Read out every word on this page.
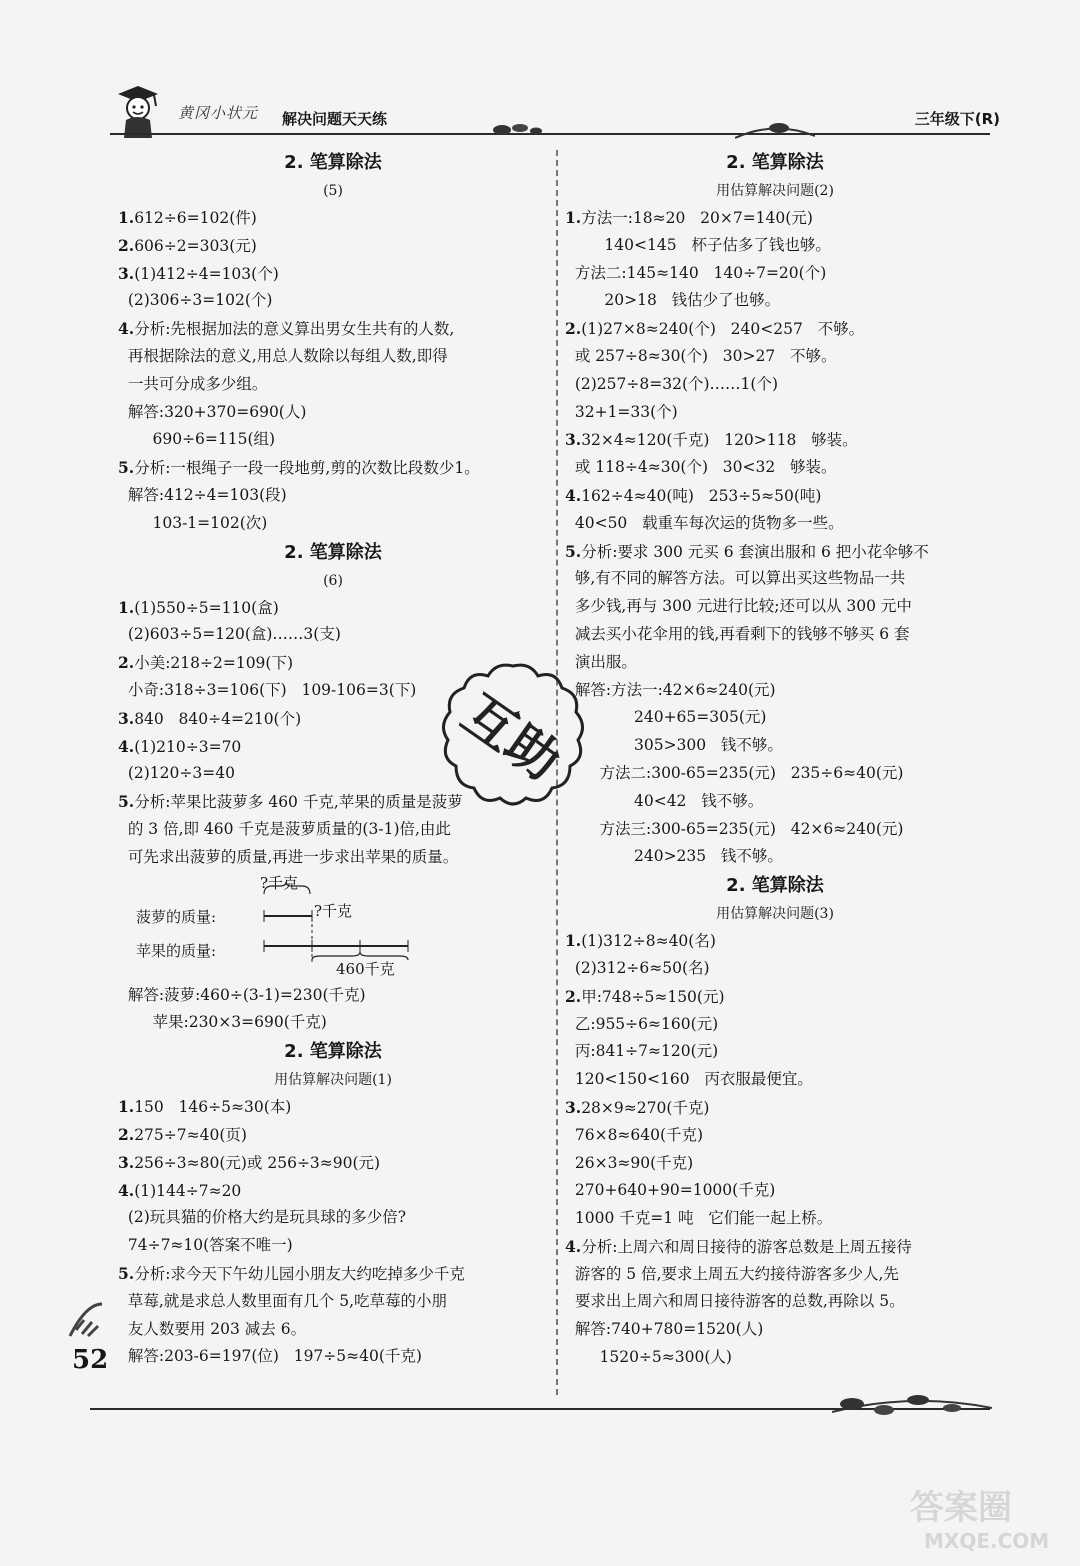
黄冈小状元 解决问题天天练	三年级下(R)
2. 笔算除法
(5)
1.612÷6=102(件)
2.606÷2=303(元)
3.(1)412÷4=103(个)
(2)306÷3=102(个)
4.分析:先根据加法的意义算出男女生共有的人数,
再根据除法的意义,用总人数除以每组人数,即得
一共可分成多少组。
解答:320+370=690(人)
690÷6=115(组)
5.分析:一根绳子一段一段地剪,剪的次数比段数少1。
解答:412÷4=103(段)
103-1=102(次)
2. 笔算除法
(6)
1.(1)550÷5=110(盒)
(2)603÷5=120(盒)……3(支)
2.小美:218÷2=109(下)
小奇:318÷3=106(下)   109-106=3(下)
3.840   840÷4=210(个)
4.(1)210÷3=70
(2)120÷3=40
5.分析:苹果比菠萝多 460 千克,苹果的质量是菠萝
的 3 倍,即 460 千克是菠萝质量的(3-1)倍,由此
可先求出菠萝的质量,再进一步求出苹果的质量。
菠萝的质量:
苹果的质量:
?千克
?千克
460千克
解答:菠萝:460÷(3-1)=230(千克)
苹果:230×3=690(千克)
2. 笔算除法
用估算解决问题(1)
1.150   146÷5≈30(本)
2.275÷7≈40(页)
3.256÷3≈80(元)或 256÷3≈90(元)
4.(1)144÷7≈20
(2)玩具猫的价格大约是玩具球的多少倍?
74÷7≈10(答案不唯一)
5.分析:求今天下午幼儿园小朋友大约吃掉多少千克
草莓,就是求总人数里面有几个 5,吃草莓的小朋
友人数要用 203 减去 6。
解答:203-6=197(位)   197÷5≈40(千克)
2. 笔算除法
用估算解决问题(2)
1.方法一:18≈20   20×7=140(元)
140<145   杯子估多了钱也够。
方法二:145≈140   140÷7=20(个)
20>18   钱估少了也够。
2.(1)27×8≈240(个)   240<257   不够。
或 257÷8≈30(个)   30>27   不够。
(2)257÷8=32(个)……1(个)
32+1=33(个)
3.32×4≈120(千克)   120>118   够装。
或 118÷4≈30(个)   30<32   够装。
4.162÷4≈40(吨)   253÷5≈50(吨)
40<50   载重车每次运的货物多一些。
5.分析:要求 300 元买 6 套演出服和 6 把小花伞够不
够,有不同的解答方法。可以算出买这些物品一共
多少钱,再与 300 元进行比较;还可以从 300 元中
减去买小花伞用的钱,再看剩下的钱够不够买 6 套
演出服。
解答:方法一:42×6≈240(元)
240+65=305(元)
305>300   钱不够。
方法二:300-65=235(元)   235÷6≈40(元)
40<42   钱不够。
方法三:300-65=235(元)   42×6≈240(元)
240>235   钱不够。
2. 笔算除法
用估算解决问题(3)
1.(1)312÷8≈40(名)
(2)312÷6≈50(名)
2.甲:748÷5≈150(元)
乙:955÷6≈160(元)
丙:841÷7≈120(元)
120<150<160   丙衣服最便宜。
3.28×9≈270(千克)
76×8≈640(千克)
26×3≈90(千克)
270+640+90=1000(千克)
1000 千克=1 吨   它们能一起上桥。
4.分析:上周六和周日接待的游客总数是上周五接待
游客的 5 倍,要求上周五大约接待游客多少人,先
要求出上周六和周日接待游客的总数,再除以 5。
解答:740+780=1520(人)
1520÷5≈300(人)
互助
52
答案圈
MXQE.COM
